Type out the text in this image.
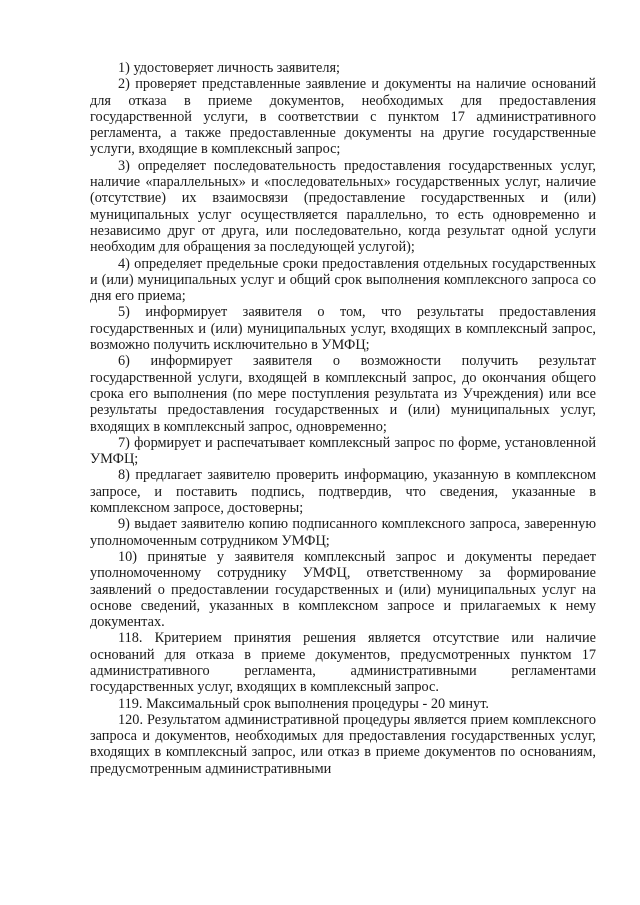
1) удостоверяет личность заявителя;

2) проверяет представленные заявление и документы на наличие оснований для отказа в приеме документов, необходимых для предоставления государственной услуги, в соответствии с пунктом 17 административного регламента, а также предоставленные документы на другие государственные услуги, входящие в комплексный запрос;

3) определяет последовательность предоставления государственных услуг, наличие «параллельных» и «последовательных» государственных услуг, наличие (отсутствие) их взаимосвязи (предоставление государственных и (или) муниципальных услуг осуществляется параллельно, то есть одновременно и независимо друг от друга, или последовательно, когда результат одной услуги необходим для обращения за последующей услугой);

4) определяет предельные сроки предоставления отдельных государственных и (или) муниципальных услуг и общий срок выполнения комплексного запроса со дня его приема;

5) информирует заявителя о том, что результаты предоставления государственных и (или) муниципальных услуг, входящих в комплексный запрос, возможно получить исключительно в УМФЦ;

6) информирует заявителя о возможности получить результат государственной услуги, входящей в комплексный запрос, до окончания общего срока его выполнения (по мере поступления результата из Учреждения) или все результаты предоставления государственных и (или) муниципальных услуг, входящих в комплексный запрос, одновременно;

7) формирует и распечатывает комплексный запрос по форме, установленной УМФЦ;

8) предлагает заявителю проверить информацию, указанную в комплексном запросе, и поставить подпись, подтвердив, что сведения, указанные в комплексном запросе, достоверны;

9) выдает заявителю копию подписанного комплексного запроса, заверенную уполномоченным сотрудником УМФЦ;

10) принятые у заявителя комплексный запрос и документы передает уполномоченному сотруднику УМФЦ, ответственному за формирование заявлений о предоставлении государственных и (или) муниципальных услуг на основе сведений, указанных в комплексном запросе и прилагаемых к нему документах.

118. Критерием принятия решения является отсутствие или наличие оснований для отказа в приеме документов, предусмотренных пунктом 17 административного регламента, административными регламентами государственных услуг, входящих в комплексный запрос.

119. Максимальный срок выполнения процедуры - 20 минут.

120. Результатом административной процедуры является прием комплексного запроса и документов, необходимых для предоставления государственных услуг, входящих в комплексный запрос, или отказ в приеме документов по основаниям, предусмотренным административными
